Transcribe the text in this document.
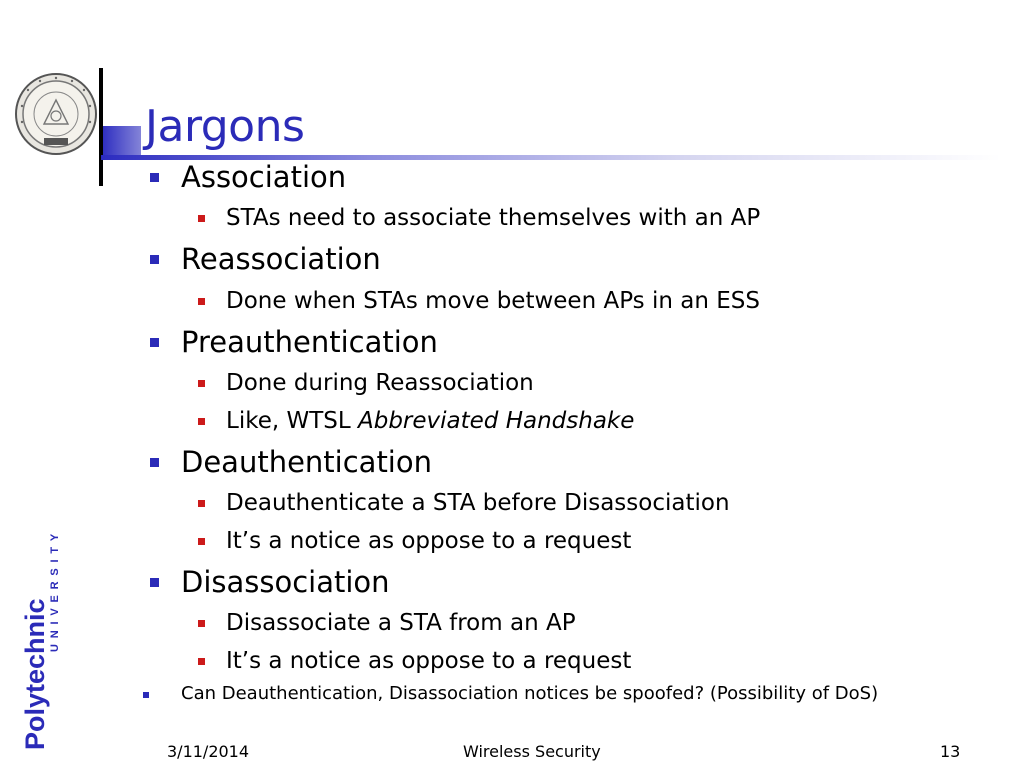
Jargons
Association
STAs need to associate themselves with an AP
Reassociation
Done when STAs move between APs in an ESS
Preauthentication
Done during Reassociation
Like, WTSL Abbreviated Handshake
Deauthentication
Deauthenticate a STA before Disassociation
It’s a notice as oppose to a request
Disassociation
Disassociate a STA from an AP
It’s a notice as oppose to a request
Can Deauthentication, Disassociation notices be spoofed? (Possibility of DoS)
Polytechnic
UNIVERSITY
3/11/2014	Wireless Security	13
